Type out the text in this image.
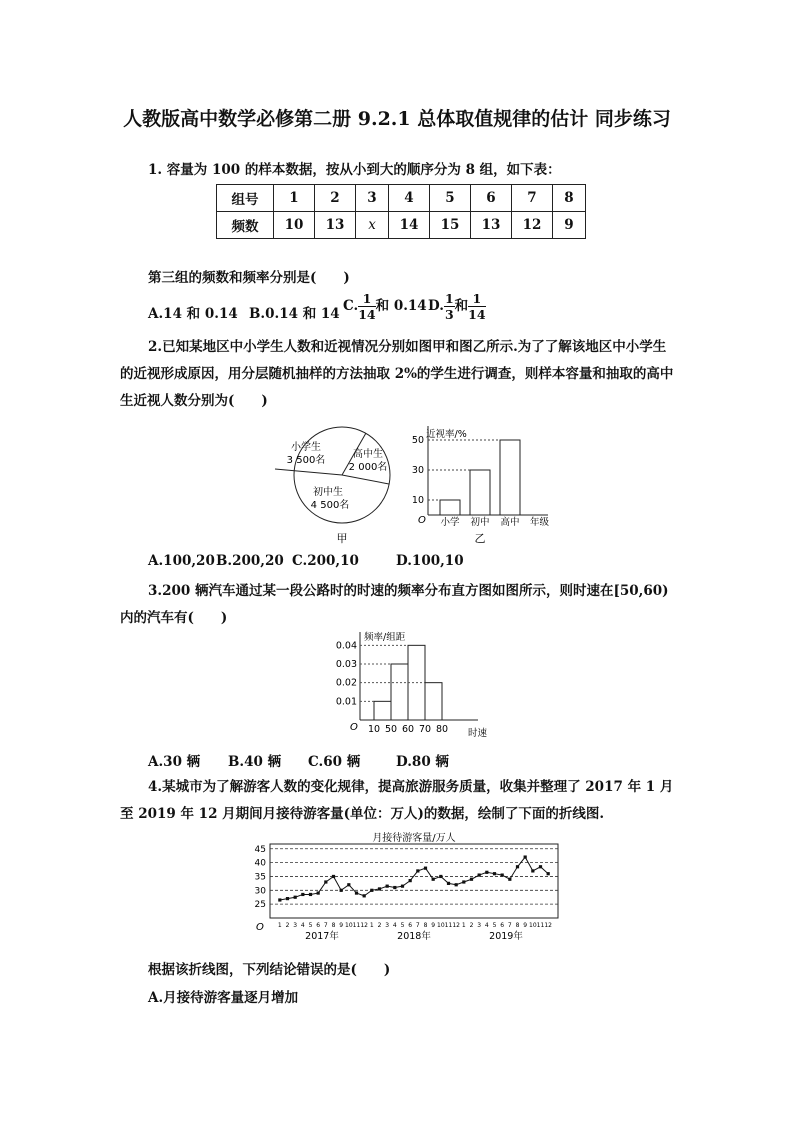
人教版高中数学必修第二册 9.2.1 总体取值规律的估计 同步练习
1. 容量为 100 的样本数据，按从小到大的顺序分为 8 组，如下表：
组号	1	2	3	4	5	6	7	8
频数	10	13	x	14	15	13	12	9
第三组的频数和频率分别是(　　)
A.14 和 0.14 B.0.14 和 14 C. $\frac{1}{14}$ 和 0.14 D. $\frac{1}{3}$ 和 $\frac{1}{14}$
2.已知某地区中小学生人数和近视情况分别如图甲和图乙所示.为了了解该地区中小学生的近视形成原因，用分层随机抽样的方法抽取 2%的学生进行调查，则样本容量和抽取的高中生近视人数分别为(　　)
小学生
3 500名
高中生
2 000名
初中生
4 500名
甲
近视率/%
年级
O
10
30
50
小学 初中 高中
乙
A.100,20 B.200,20 C.200,10	D.100,10
3.200 辆汽车通过某一段公路时的时速的频率分布直方图如图所示，则时速在[50,60)内的汽车有(　　)
频率/组距
时速
O
0.01
0.02
0.03
0.04
10 50 60 70 80
A.30 辆 B.40 辆 C.60 辆	D.80 辆
4.某城市为了解游客人数的变化规律，提高旅游服务质量，收集并整理了 2017 年 1 月至 2019 年 12 月期间月接待游客量(单位：万人)的数据，绘制了下面的折线图.
月接待游客量/万人
25
30
35
40
45
O 1 2 3 4 5 6 7 8 9 10 11 12 1 2 3 4 5 6 7 8 9 10 11 12 1 2 3 4 5 6 7 8 9 10 11 12
2017年	2018年	2019年
根据该折线图，下列结论错误的是(　　)
A.月接待游客量逐月增加
